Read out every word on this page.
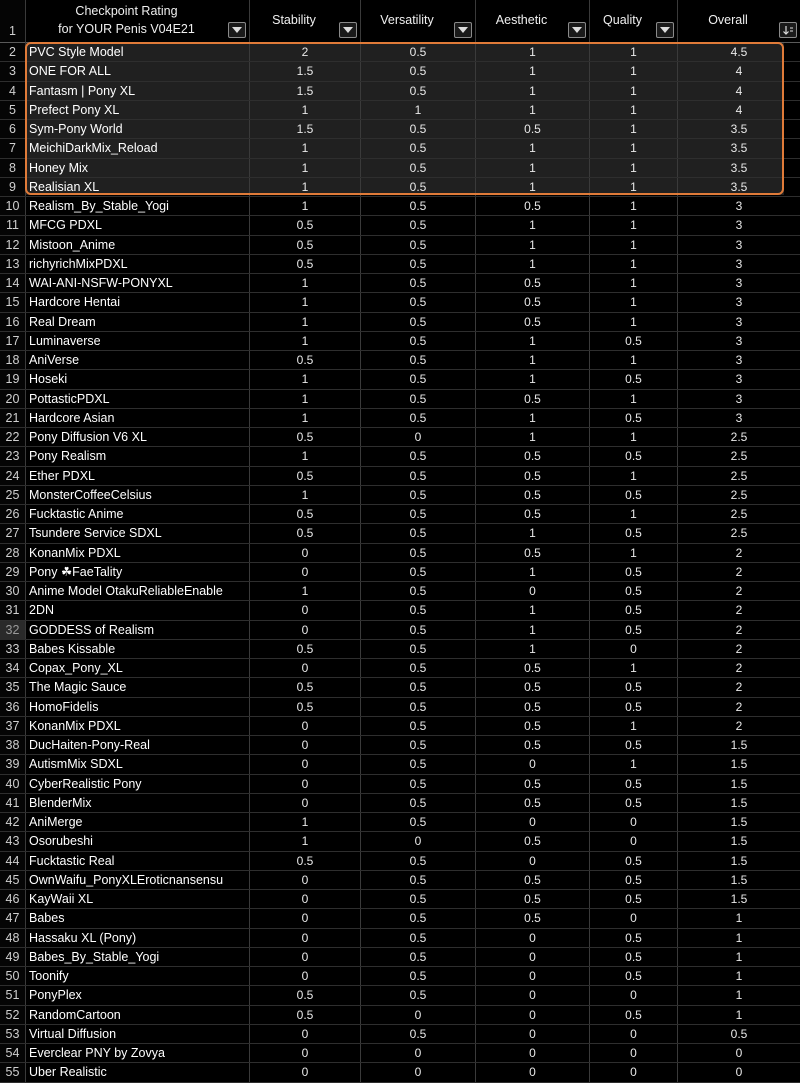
1
Checkpoint Rating
for YOUR Penis V04E21
Stability	Versatility	Aesthetic	Quality	Overall
2	PVC Style Model	2	0.5	1	1	4.5
3	ONE FOR ALL	1.5	0.5	1	1	4
4	Fantasm | Pony XL	1.5	0.5	1	1	4
5	Prefect Pony XL	1	1	1	1	4
6	Sym-Pony World	1.5	0.5	0.5	1	3.5
7	MeichiDarkMix_Reload	1	0.5	1	1	3.5
8	Honey Mix	1	0.5	1	1	3.5
9	Realisian XL	1	0.5	1	1	3.5
10 Realism_By_Stable_Yogi	1	0.5	0.5	1	3
11 MFCG PDXL	0.5	0.5	1	1	3
12 Mistoon_Anime	0.5	0.5	1	1	3
13 richyrichMixPDXL	0.5	0.5	1	1	3
14 WAI-ANI-NSFW-PONYXL	1	0.5	0.5	1	3
15 Hardcore Hentai	1	0.5	0.5	1	3
16 Real Dream	1	0.5	0.5	1	3
17 Luminaverse	1	0.5	1	0.5	3
18 AniVerse	0.5	0.5	1	1	3
19 Hoseki	1	0.5	1	0.5	3
20 PottasticPDXL	1	0.5	0.5	1	3
21 Hardcore Asian	1	0.5	1	0.5	3
22 Pony Diffusion V6 XL	0.5	0	1	1	2.5
23 Pony Realism	1	0.5	0.5	0.5	2.5
24 Ether PDXL	0.5	0.5	0.5	1	2.5
25 MonsterCoffeeCelsius	1	0.5	0.5	0.5	2.5
26 Fucktastic Anime	0.5	0.5	0.5	1	2.5
27 Tsundere Service SDXL	0.5	0.5	1	0.5	2.5
28 KonanMix PDXL	0	0.5	0.5	1	2
29 Pony ☘FaeTality	0	0.5	1	0.5	2
30 Anime Model OtakuReliableEnable	1	0.5	0	0.5	2
31 2DN	0	0.5	1	0.5	2
32 GODDESS of Realism	0	0.5	1	0.5	2
33 Babes Kissable	0.5	0.5	1	0	2
34 Copax_Pony_XL	0	0.5	0.5	1	2
35 The Magic Sauce	0.5	0.5	0.5	0.5	2
36 HomoFidelis	0.5	0.5	0.5	0.5	2
37 KonanMix PDXL	0	0.5	0.5	1	2
38 DucHaiten-Pony-Real	0	0.5	0.5	0.5	1.5
39 AutismMix SDXL	0	0.5	0	1	1.5
40 CyberRealistic Pony	0	0.5	0.5	0.5	1.5
41 BlenderMix	0	0.5	0.5	0.5	1.5
42 AniMerge	1	0.5	0	0	1.5
43 Osorubeshi	1	0	0.5	0	1.5
44 Fucktastic Real	0.5	0.5	0	0.5	1.5
45 OwnWaifu_PonyXLEroticnansensu	0	0.5	0.5	0.5	1.5
46 KayWaii XL	0	0.5	0.5	0.5	1.5
47 Babes	0	0.5	0.5	0	1
48 Hassaku XL (Pony)	0	0.5	0	0.5	1
49 Babes_By_Stable_Yogi	0	0.5	0	0.5	1
50 Toonify	0	0.5	0	0.5	1
51 PonyPlex	0.5	0.5	0	0	1
52 RandomCartoon	0.5	0	0	0.5	1
53 Virtual Diffusion	0	0.5	0	0	0.5
54 Everclear PNY by Zovya	0	0	0	0	0
55 Uber Realistic	0	0	0	0	0
